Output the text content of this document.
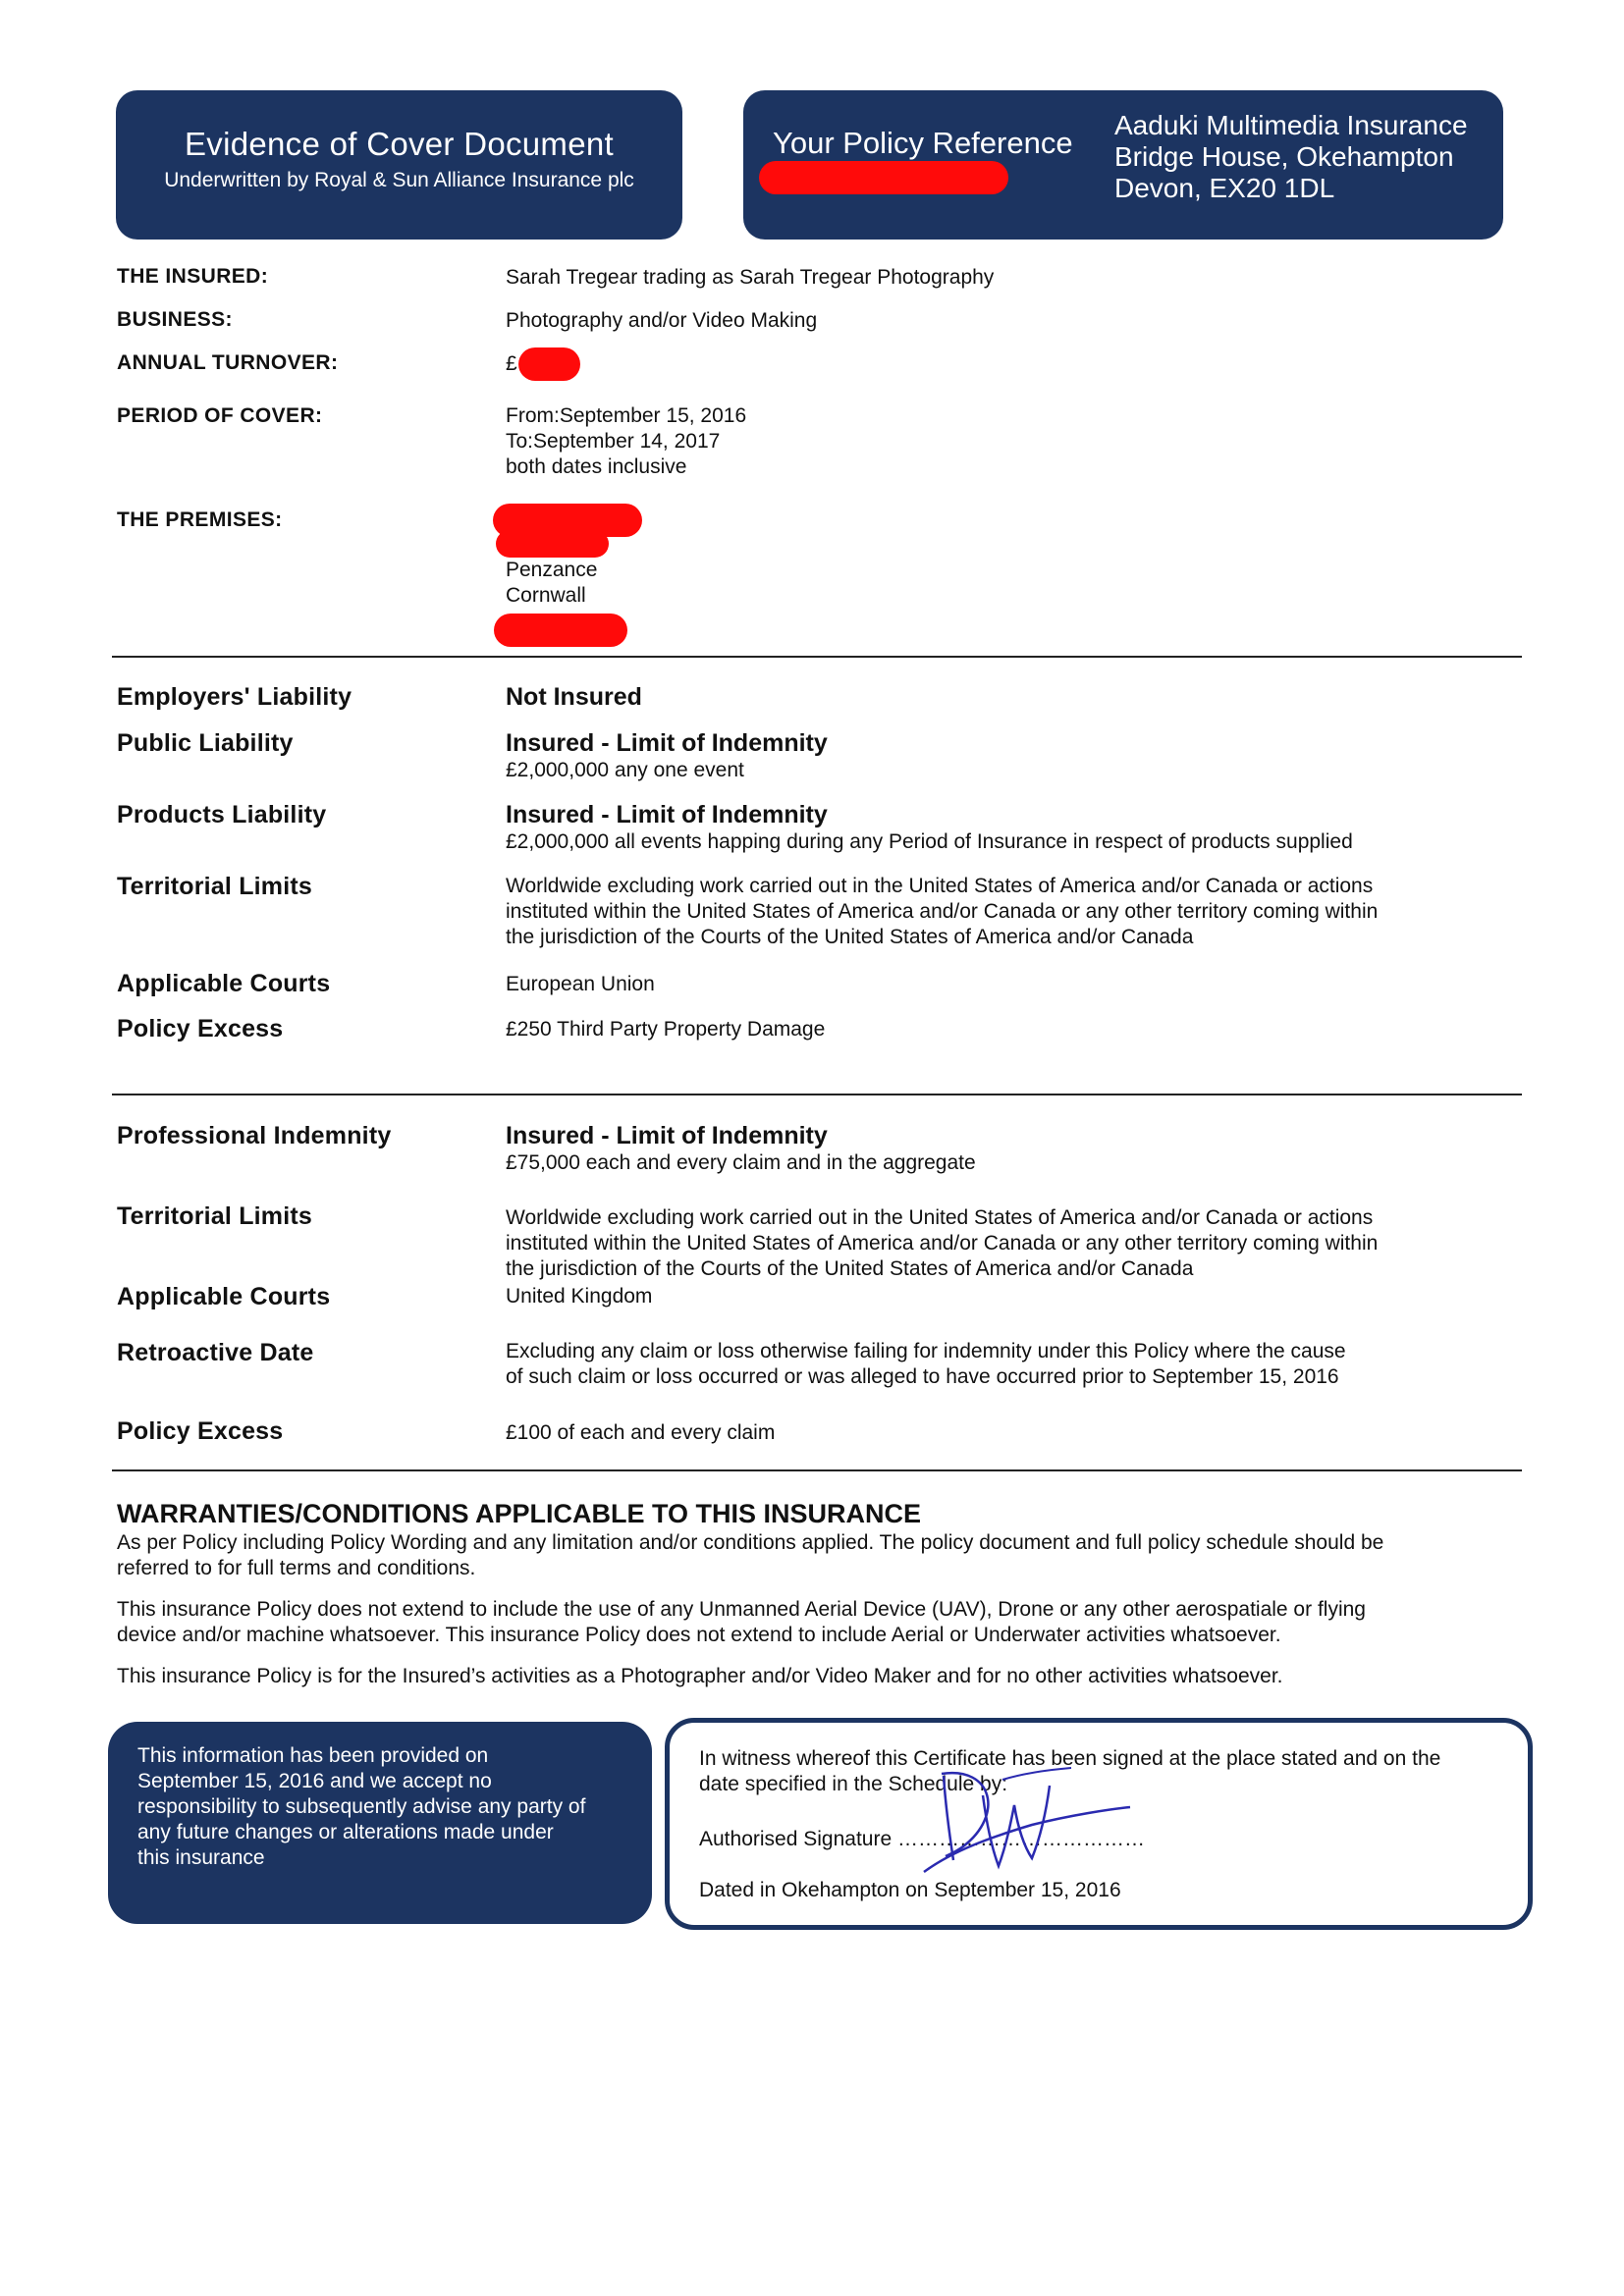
Evidence of Cover Document
Underwritten by Royal & Sun Alliance Insurance plc
Your Policy Reference
Aaduki Multimedia Insurance
Bridge House, Okehampton
Devon, EX20 1DL
THE INSURED:	Sarah Tregear trading as Sarah Tregear Photography
BUSINESS:	Photography and/or Video Making
ANNUAL TURNOVER:	£
PERIOD OF COVER:	From:September 15, 2016
To:September 14, 2017
both dates inclusive
THE PREMISES:
Penzance
Cornwall
Employers' Liability	Not Insured
Public Liability	Insured - Limit of Indemnity
£2,000,000 any one event
Products Liability	Insured - Limit of Indemnity
£2,000,000 all events happing during any Period of Insurance in respect of products supplied
Territorial Limits	Worldwide excluding work carried out in the United States of America and/or Canada or actions
instituted within the United States of America and/or Canada or any other territory coming within
the jurisdiction of the Courts of the United States of America and/or Canada
Applicable Courts	European Union
Policy Excess	£250 Third Party Property Damage
Professional Indemnity	Insured - Limit of Indemnity
£75,000 each and every claim and in the aggregate
Territorial Limits	Worldwide excluding work carried out in the United States of America and/or Canada or actions
instituted within the United States of America and/or Canada or any other territory coming within
the jurisdiction of the Courts of the United States of America and/or Canada
Applicable Courts	United Kingdom
Retroactive Date	Excluding any claim or loss otherwise failing for indemnity under this Policy where the cause
of such claim or loss occurred or was alleged to have occurred prior to September 15, 2016
Policy Excess	£100 of each and every claim
WARRANTIES/CONDITIONS APPLICABLE TO THIS INSURANCE
As per Policy including Policy Wording and any limitation and/or conditions applied. The policy document and full policy schedule should be
referred to for full terms and conditions.
This insurance Policy does not extend to include the use of any Unmanned Aerial Device (UAV), Drone or any other aerospatiale or flying
device and/or machine whatsoever. This insurance Policy does not extend to include Aerial or Underwater activities whatsoever.
This insurance Policy is for the Insured’s activities as a Photographer and/or Video Maker and for no other activities whatsoever.
This information has been provided on
September 15, 2016 and we accept no
responsibility to subsequently advise any party of
any future changes or alterations made under
this insurance
In witness whereof this Certificate has been signed at the place stated and on the
date specified in the Schedule by:
Authorised Signature ………………………………
Dated in Okehampton on September 15, 2016
